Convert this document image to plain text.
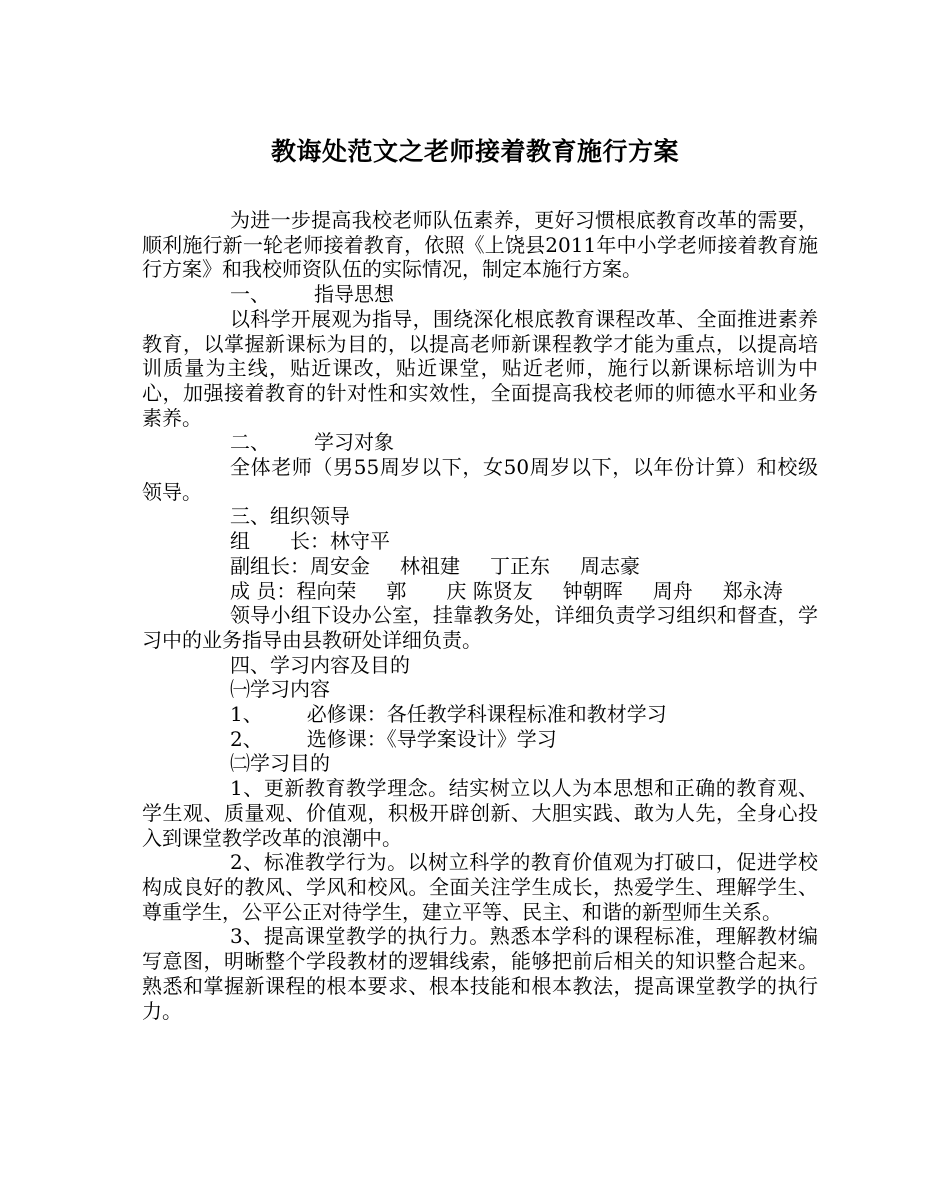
教诲处范文之老师接着教育施行方案

为进一步提高我校老师队伍素养，更好习惯根底教育改革的需要，顺利施行新一轮老师接着教育，依照《上饶县2011年中小学老师接着教育施行方案》和我校师资队伍的实际情况，制定本施行方案。

一、 指导思想

以科学开展观为指导，围绕深化根底教育课程改革、全面推进素养教育，以掌握新课标为目的，以提高老师新课程教学才能为重点，以提高培训质量为主线，贴近课改，贴近课堂，贴近老师，施行以新课标培训为中心，加强接着教育的针对性和实效性，全面提高我校老师的师德水平和业务素养。

二、 学习对象

全体老师（男55周岁以下，女50周岁以下，以年份计算）和校级领导。

三、组织领导

组　　长：林守平

副组长：周安金 林祖建 丁正东 周志豪

成 员：程向荣 郭　　庆 陈贤友 钟朝晖 周舟 郑永涛

领导小组下设办公室，挂靠教务处，详细负责学习组织和督查，学习中的业务指导由县教研处详细负责。

四、学习内容及目的

㈠学习内容

1、 必修课：各任教学科课程标准和教材学习

2、 选修课：《导学案设计》学习

㈡学习目的

1、更新教育教学理念。结实树立以人为本思想和正确的教育观、学生观、质量观、价值观，积极开辟创新、大胆实践、敢为人先，全身心投入到课堂教学改革的浪潮中。

2、标准教学行为。以树立科学的教育价值观为打破口，促进学校构成良好的教风、学风和校风。全面关注学生成长，热爱学生、理解学生、尊重学生，公平公正对待学生，建立平等、民主、和谐的新型师生关系。

3、提高课堂教学的执行力。熟悉本学科的课程标准，理解教材编写意图，明晰整个学段教材的逻辑线索，能够把前后相关的知识整合起来。熟悉和掌握新课程的根本要求、根本技能和根本教法，提高课堂教学的执行力。
